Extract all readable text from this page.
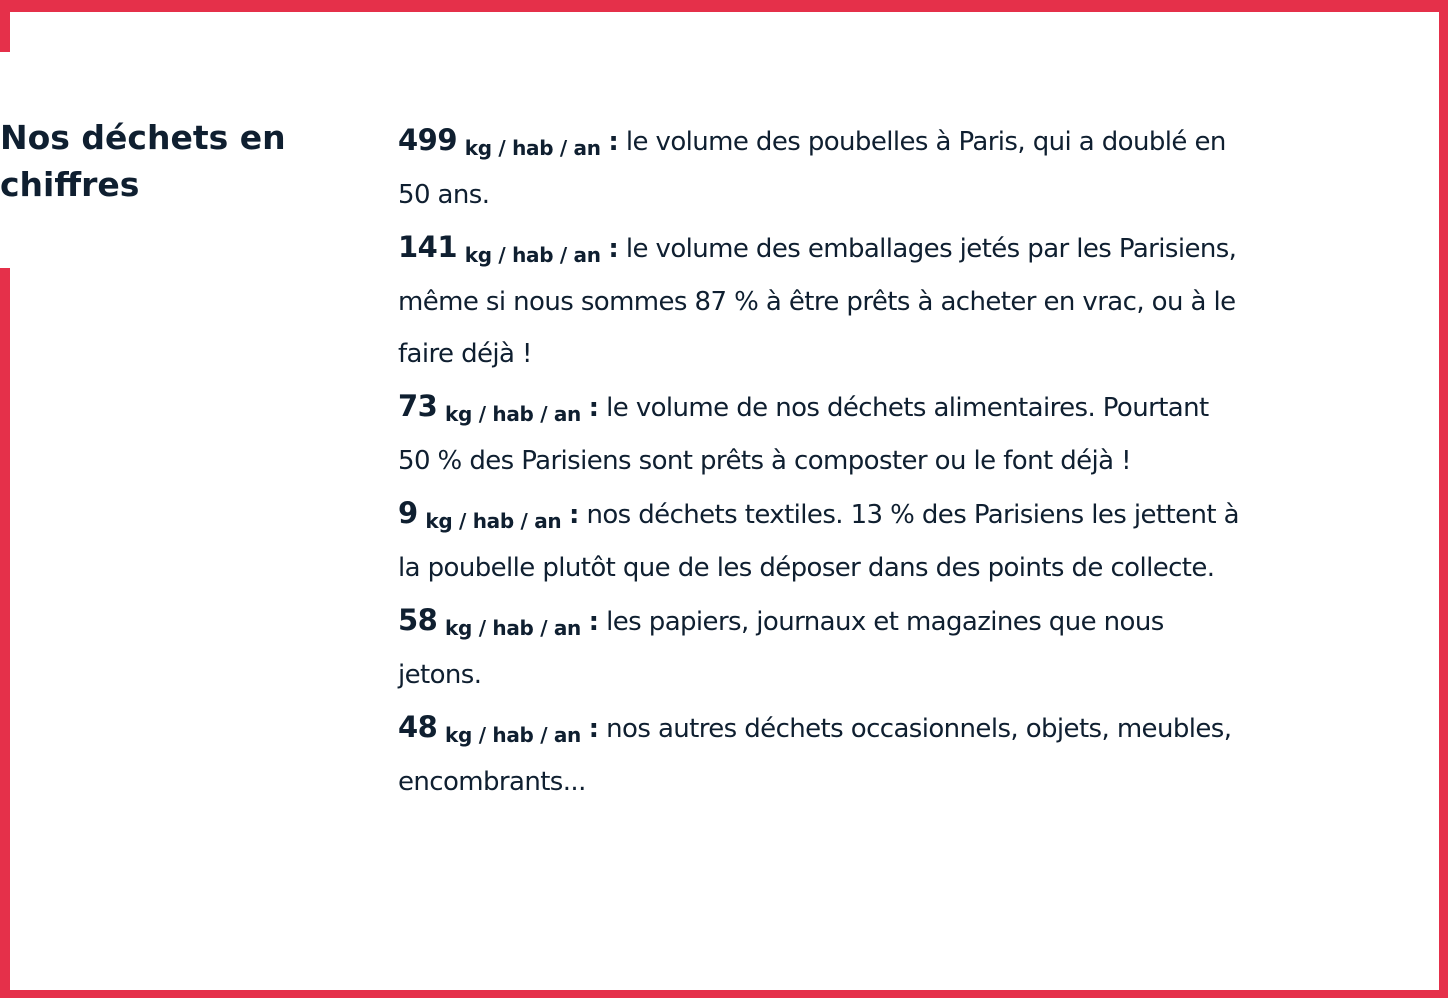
Nos déchets en chiffres
499 kg / hab / an : le volume des poubelles à Paris, qui a doublé en 50 ans.
141 kg / hab / an : le volume des emballages jetés par les Parisiens, même si nous sommes 87 % à être prêts à acheter en vrac, ou à le faire déjà !
73 kg / hab / an : le volume de nos déchets alimentaires. Pourtant 50 % des Parisiens sont prêts à composter ou le font déjà !
9 kg / hab / an : nos déchets textiles. 13 % des Parisiens les jettent à la poubelle plutôt que de les déposer dans des points de collecte.
58 kg / hab / an : les papiers, journaux et magazines que nous jetons.
48 kg / hab / an : nos autres déchets occasionnels, objets, meubles, encombrants...
